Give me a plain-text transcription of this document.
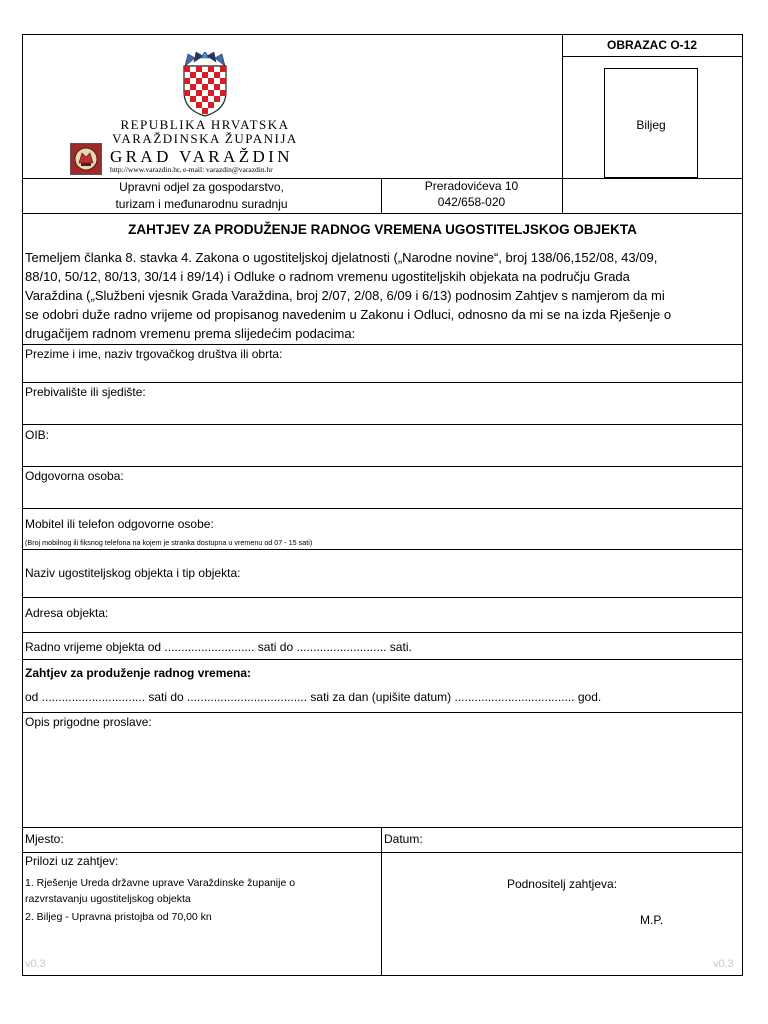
OBRAZAC O-12
Biljeg
REPUBLIKA HRVATSKA
VARAŽDINSKA ŽUPANIJA
GRAD VARAŽDIN
http://www.varazdin.hr, e-mail: varazdin@varazdin.hr
Upravni odjel za gospodarstvo,
turizam i međunarodnu suradnju
Preradovićeva 10
042/658-020
ZAHTJEV ZA PRODUŽENJE RADNOG VREMENA UGOSTITELJSKOG OBJEKTA
Temeljem članka 8. stavka 4. Zakona o ugostiteljskoj djelatnosti („Narodne novine“, broj 138/06,152/08, 43/09,
88/10, 50/12, 80/13, 30/14 i 89/14) i Odluke o radnom vremenu ugostiteljskih objekata na području Grada
Varaždina („Službeni vjesnik Grada Varaždina, broj 2/07, 2/08, 6/09 i 6/13) podnosim Zahtjev s namjerom da mi
se odobri duže radno vrijeme od propisanog navedenim u Zakonu i Odluci, odnosno da mi se na izda Rješenje o
drugačijem radnom vremenu prema slijedećim podacima:
Prezime i ime, naziv trgovačkog društva ili obrta:
Prebivalište ili sjedište:
OIB:
Odgovorna osoba:
Mobitel ili telefon odgovorne osobe:
(Broj mobilnog ili fiksnog telefona na kojem je stranka dostupna u vremenu od 07 - 15 sati)
Naziv ugostiteljskog objekta i tip objekta:
Adresa objekta:
Radno vrijeme objekta od ........................... sati do ........................... sati.
Zahtjev za produženje radnog vremena:
od ............................... sati do .................................... sati za dan (upišite datum) .................................... god.
Opis prigodne proslave:
Mjesto:	Datum:
Prilozi uz zahtjev:
1. Rješenje Ureda državne uprave Varaždinske županije o
razvrstavanju ugostiteljskog objekta
2. Biljeg - Upravna pristojba od 70,00 kn
Podnositelj zahtjeva:
M.P.
v0.3	v0.3
